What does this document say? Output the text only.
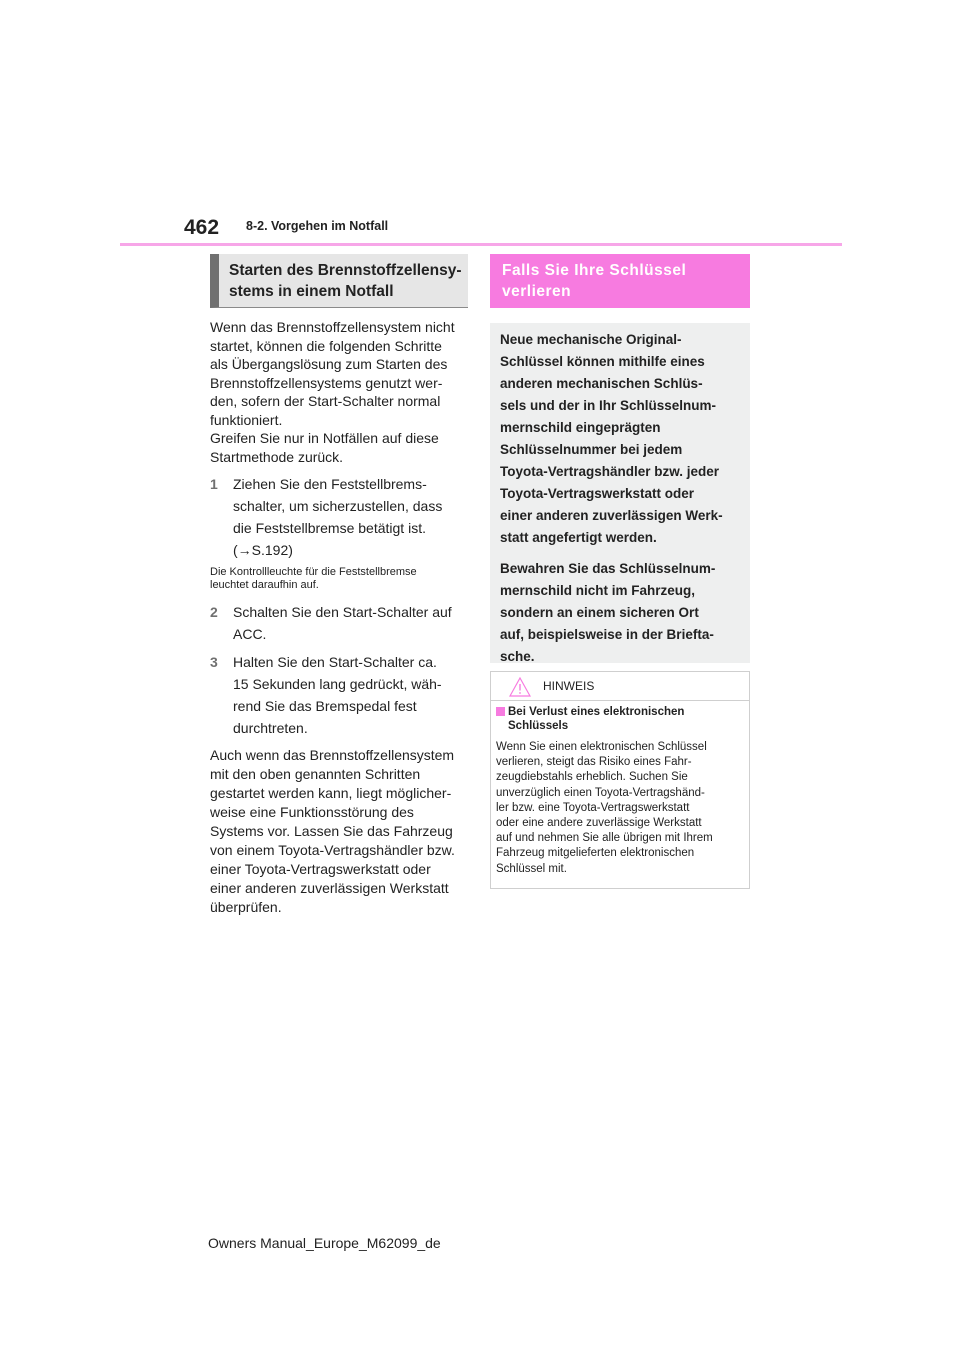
462 8-2. Vorgehen im Notfall
Starten des Brennstoffzellensy-
stems in einem Notfall
Wenn das Brennstoffzellensystem nicht
startet, können die folgenden Schritte
als Übergangslösung zum Starten des
Brennstoffzellensystems genutzt wer-
den, sofern der Start-Schalter normal
funktioniert.
Greifen Sie nur in Notfällen auf diese
Startmethode zurück.
1 Ziehen Sie den Feststellbrems-
schalter, um sicherzustellen, dass
die Feststellbremse betätigt ist.
(→S.192)
Die Kontrollleuchte für die Feststellbremse
leuchtet daraufhin auf.
2 Schalten Sie den Start-Schalter auf
ACC.
3 Halten Sie den Start-Schalter ca.
15 Sekunden lang gedrückt, wäh-
rend Sie das Bremspedal fest
durchtreten.
Auch wenn das Brennstoffzellensystem
mit den oben genannten Schritten
gestartet werden kann, liegt möglicher-
weise eine Funktionsstörung des
Systems vor. Lassen Sie das Fahrzeug
von einem Toyota-Vertragshändler bzw.
einer Toyota-Vertragswerkstatt oder
einer anderen zuverlässigen Werkstatt
überprüfen.
Falls Sie Ihre Schlüssel
verlieren
Neue mechanische Original-
Schlüssel können mithilfe eines
anderen mechanischen Schlüs-
sels und der in Ihr Schlüsselnum-
mernschild eingeprägten
Schlüsselnummer bei jedem
Toyota-Vertragshändler bzw. jeder
Toyota-Vertragswerkstatt oder
einer anderen zuverlässigen Werk-
statt angefertigt werden.
Bewahren Sie das Schlüsselnum-
mernschild nicht im Fahrzeug,
sondern an einem sicheren Ort
auf, beispielsweise in der Briefta-
sche.
HINWEIS
Bei Verlust eines elektronischen
Schlüssels
Wenn Sie einen elektronischen Schlüssel
verlieren, steigt das Risiko eines Fahr-
zeugdiebstahls erheblich. Suchen Sie
unverzüglich einen Toyota-Vertragshänd-
ler bzw. eine Toyota-Vertragswerkstatt
oder eine andere zuverlässige Werkstatt
auf und nehmen Sie alle übrigen mit Ihrem
Fahrzeug mitgelieferten elektronischen
Schlüssel mit.
Owners Manual_Europe_M62099_de
